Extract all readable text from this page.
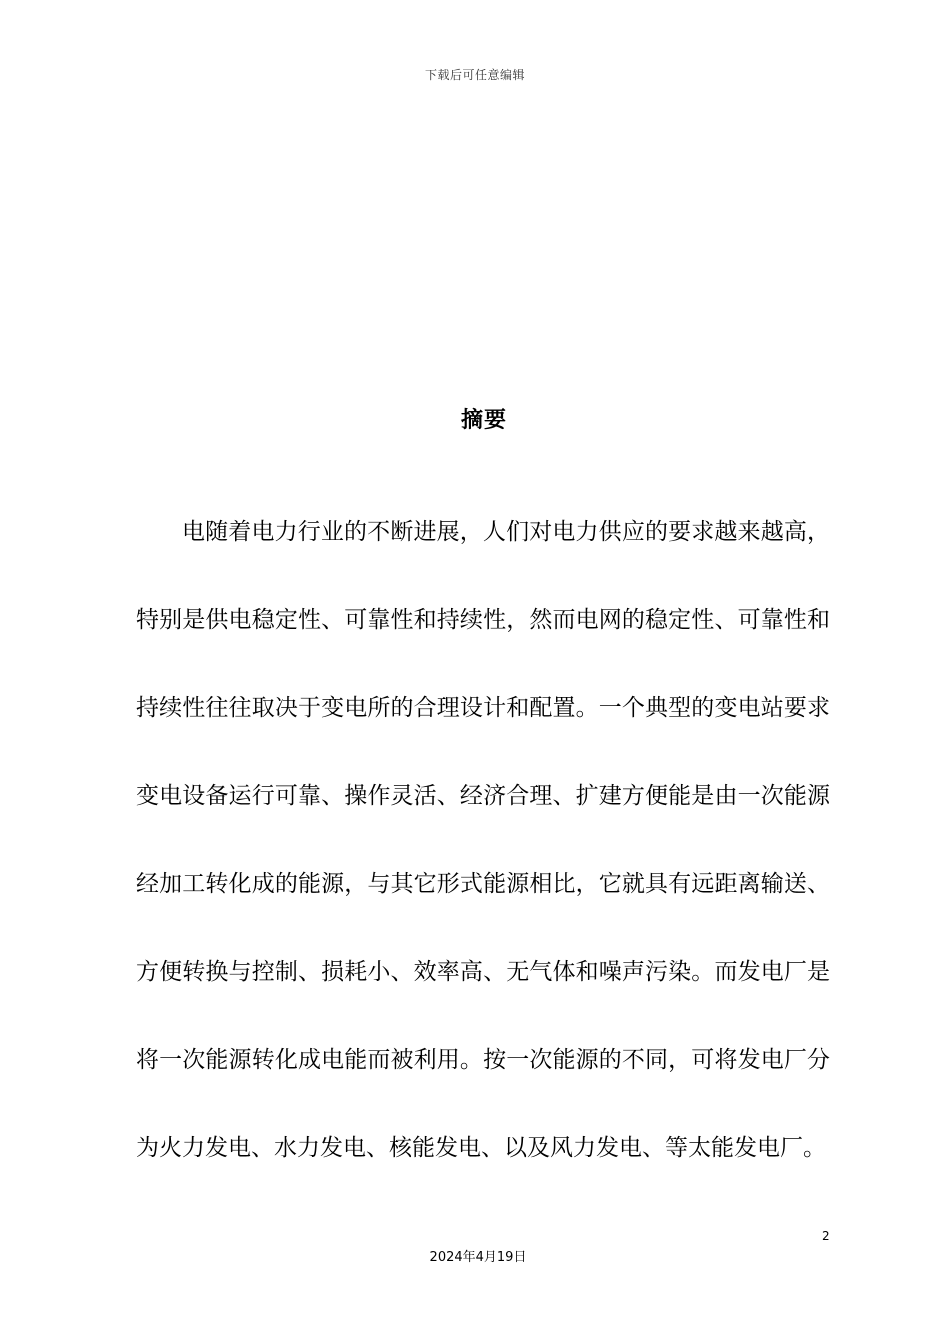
下载后可任意编辑
摘要

电随着电力行业的不断进展，人们对电力供应的要求越来越高，特别是供电稳定性、可靠性和持续性，然而电网的稳定性、可靠性和持续性往往取决于变电所的合理设计和配置。一个典型的变电站要求变电设备运行可靠、操作灵活、经济合理、扩建方便能是由一次能源经加工转化成的能源，与其它形式能源相比，它就具有远距离输送、方便转换与控制、损耗小、效率高、无气体和噪声污染。而发电厂是将一次能源转化成电能而被利用。按一次能源的不同，可将发电厂分为火力发电、水力发电、核能发电、以及风力发电、等太能发电厂。

2
2024年4月19日
